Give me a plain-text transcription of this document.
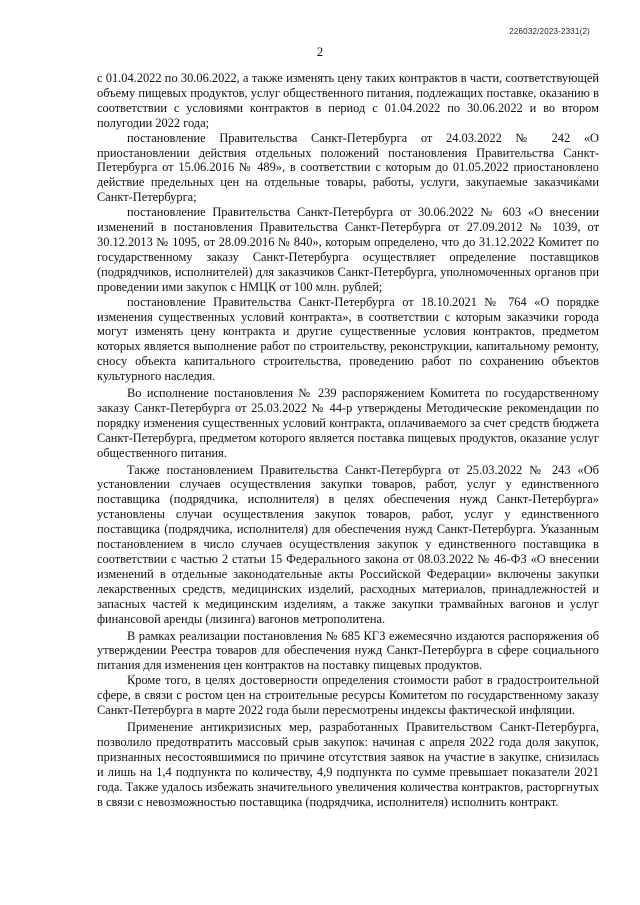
226032/2023-2331(2)
2

с 01.04.2022 по 30.06.2022, а также изменять цену таких контрактов в части, соответствующей объему пищевых продуктов, услуг общественного питания, подлежащих поставке, оказанию в соответствии с условиями контрактов в период с 01.04.2022 по 30.06.2022 и во втором полугодии 2022 года;

постановление Правительства Санкт-Петербурга от 24.03.2022 № 242 «О приостановлении действия отдельных положений постановления Правительства Санкт-Петербурга от 15.06.2016 № 489», в соответствии с которым до 01.05.2022 приостановлено действие предельных цен на отдельные товары, работы, услуги, закупаемые заказчиками Санкт-Петербурга;

постановление Правительства Санкт-Петербурга от 30.06.2022 № 603 «О внесении изменений в постановления Правительства Санкт-Петербурга от 27.09.2012 № 1039, от 30.12.2013 № 1095, от 28.09.2016 № 840», которым определено, что до 31.12.2022 Комитет по государственному заказу Санкт-Петербурга осуществляет определение поставщиков (подрядчиков, исполнителей) для заказчиков Санкт-Петербурга, уполномоченных органов при проведении ими закупок с НМЦК от 100 млн. рублей;

постановление Правительства Санкт-Петербурга от 18.10.2021 № 764 «О порядке изменения существенных условий контракта», в соответствии с которым заказчики города могут изменять цену контракта и другие существенные условия контрактов, предметом которых является выполнение работ по строительству, реконструкции, капитальному ремонту, сносу объекта капитального строительства, проведению работ по сохранению объектов культурного наследия.

Во исполнение постановления № 239 распоряжением Комитета по государственному заказу Санкт-Петербурга от 25.03.2022 № 44-р утверждены Методические рекомендации по порядку изменения существенных условий контракта, оплачиваемого за счет средств бюджета Санкт-Петербурга, предметом которого является поставка пищевых продуктов, оказание услуг общественного питания.

Также постановлением Правительства Санкт-Петербурга от 25.03.2022 № 243 «Об установлении случаев осуществления закупки товаров, работ, услуг у единственного поставщика (подрядчика, исполнителя) в целях обеспечения нужд Санкт-Петербурга» установлены случаи осуществления закупок товаров, работ, услуг у единственного поставщика (подрядчика, исполнителя) для обеспечения нужд Санкт-Петербурга. Указанным постановлением в число случаев осуществления закупок у единственного поставщика в соответствии с частью 2 статьи 15 Федерального закона от 08.03.2022 № 46-ФЗ «О внесении изменений в отдельные законодательные акты Российской Федерации» включены закупки лекарственных средств, медицинских изделий, расходных материалов, принадлежностей и запасных частей к медицинским изделиям, а также закупки трамвайных вагонов и услуг финансовой аренды (лизинга) вагонов метрополитена.

В рамках реализации постановления № 685 КГЗ ежемесячно издаются распоряжения об утверждении Реестра товаров для обеспечения нужд Санкт-Петербурга в сфере социального питания для изменения цен контрактов на поставку пищевых продуктов.

Кроме того, в целях достоверности определения стоимости работ в градостроительной сфере, в связи с ростом цен на строительные ресурсы Комитетом по государственному заказу Санкт-Петербурга в марте 2022 года были пересмотрены индексы фактической инфляции.

Применение антикризисных мер, разработанных Правительством Санкт-Петербурга, позволило предотвратить массовый срыв закупок: начиная с апреля 2022 года доля закупок, признанных несостоявшимися по причине отсутствия заявок на участие в закупке, снизилась и лишь на 1,4 подпункта по количеству, 4,9 подпункта по сумме превышает показатели 2021 года. Также удалось избежать значительного увеличения количества контрактов, расторгнутых в связи с невозможностью поставщика (подрядчика, исполнителя) исполнить контракт.
